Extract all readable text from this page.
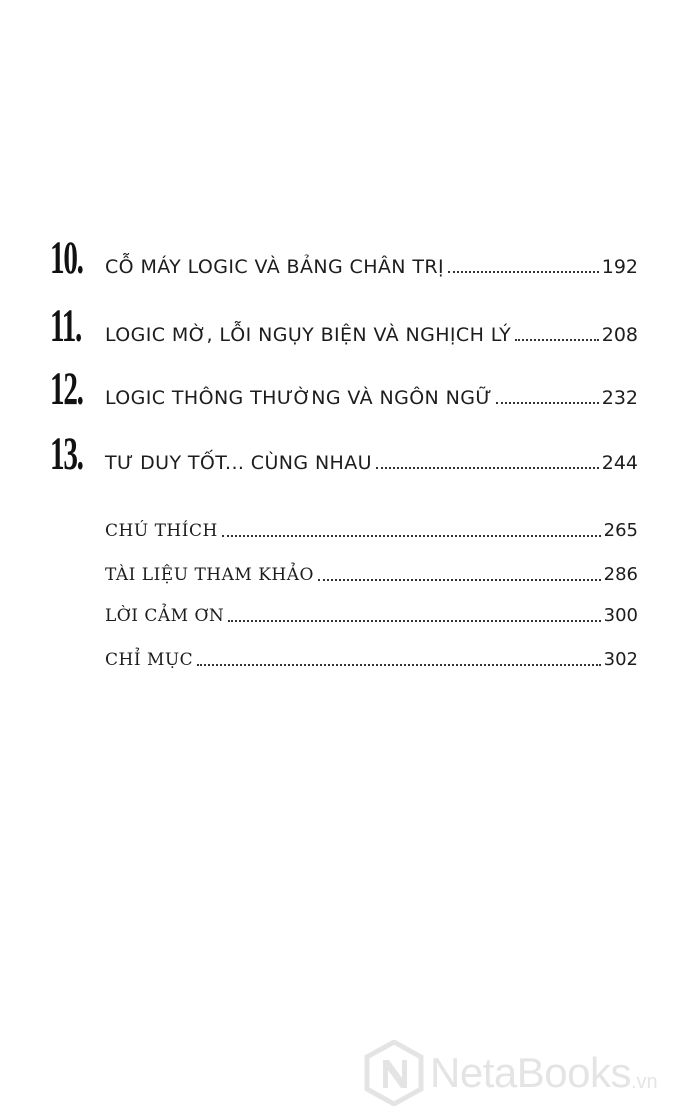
10. CỖ MÁY LOGIC VÀ BẢNG CHÂN TRỊ	192
11. LOGIC MỜ, LỖI NGỤY BIỆN VÀ NGHỊCH LÝ	208
12. LOGIC THÔNG THƯỜNG VÀ NGÔN NGỮ	232
13. TƯ DUY TỐT... CÙNG NHAU	244
CHÚ THÍCH	265
TÀI LIỆU THAM KHẢO	286
LỜI CẢM ƠN	300
CHỈ MỤC	302
NetaBooks .vn
